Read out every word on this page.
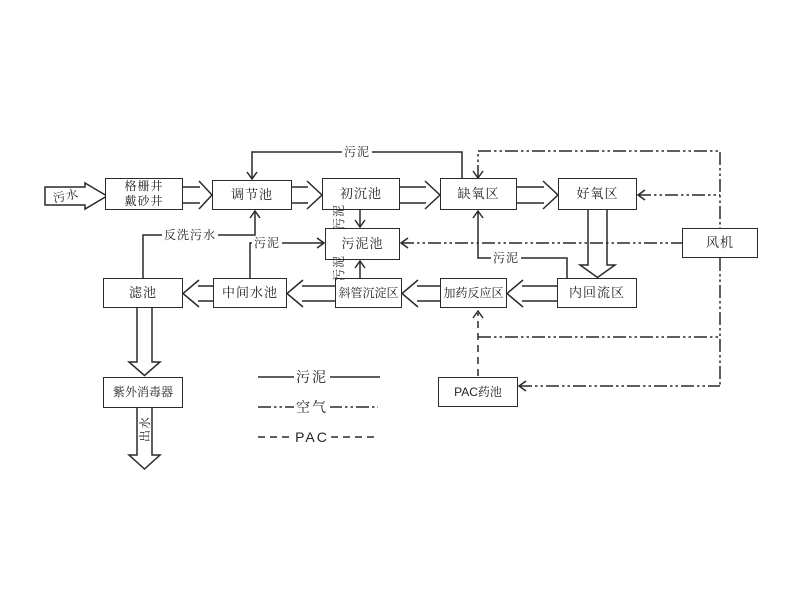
格栅井
戴砂井	调节池	初沉池	缺氧区	好氧区
风机
污泥池
滤池	中间水池	斜管沉淀区	加药反应区	内回流区
紫外消毒器	PAC药池
污水
污泥
反洗污水
污泥
污泥
污泥
污泥
出水
污泥
空气
PAC
